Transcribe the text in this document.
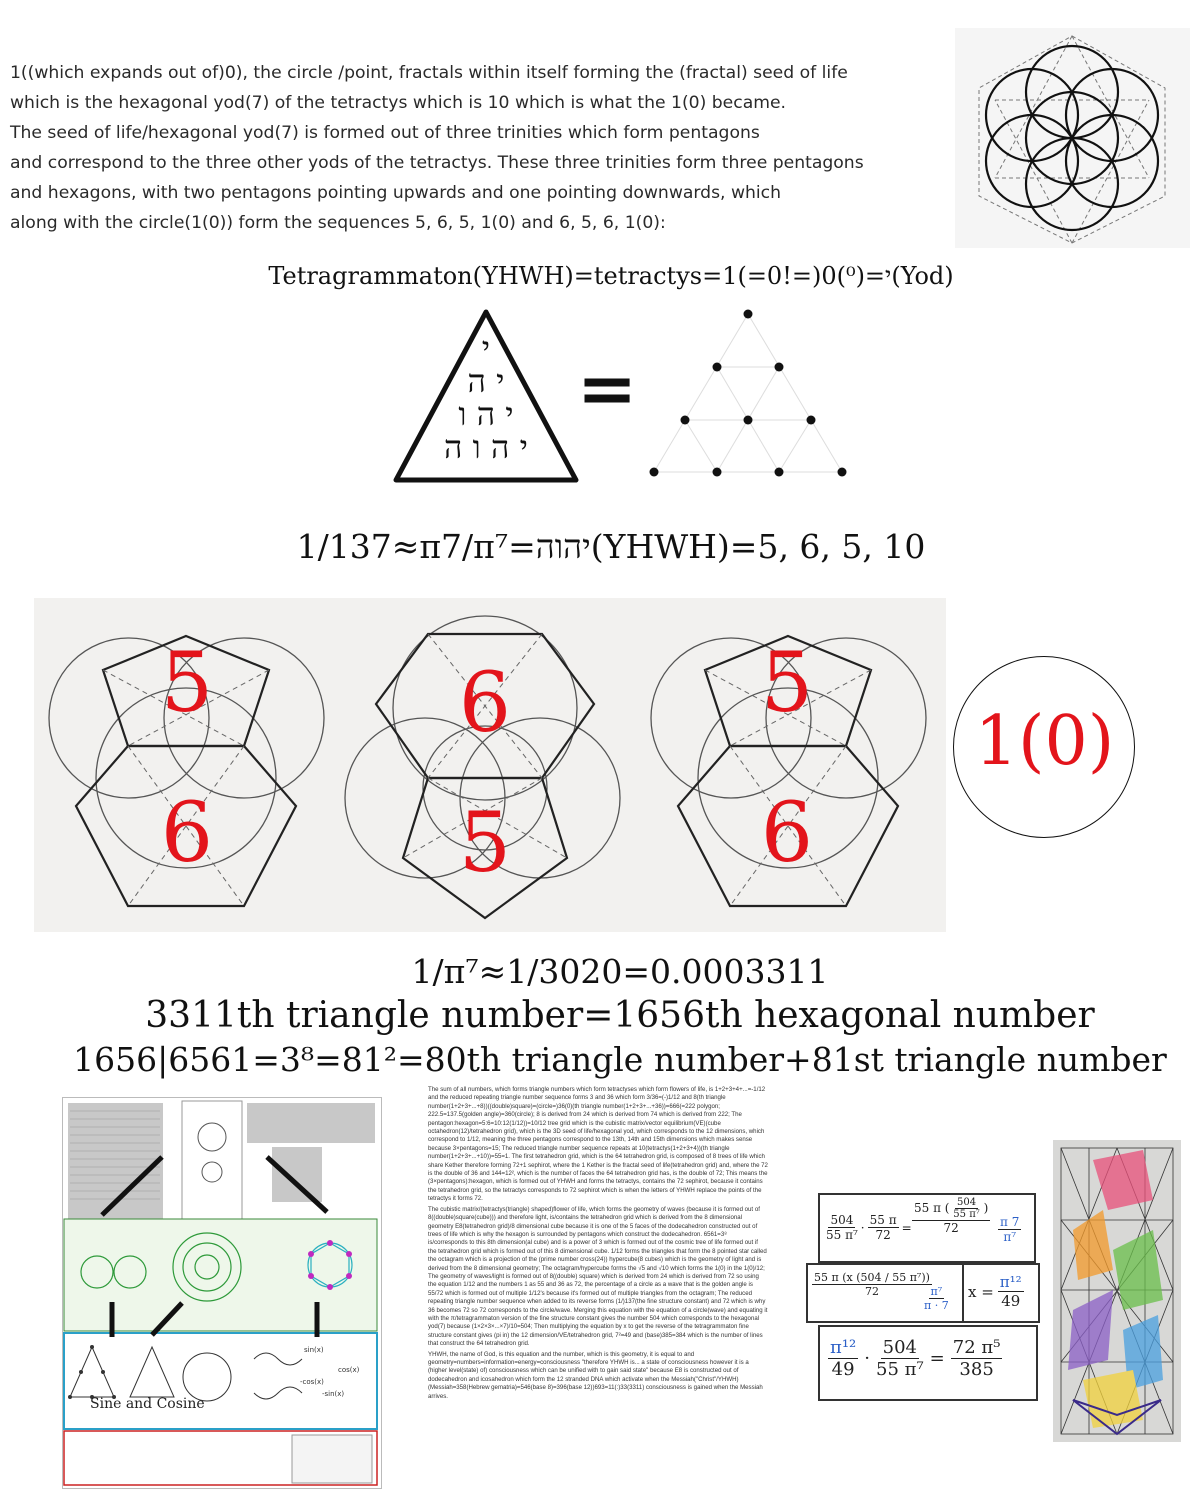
1((which expands out of)0), the circle /point, fractals within itself forming the (fractal) seed of life
which is the hexagonal yod(7) of the tetractys which is 10 which is what the 1(0) became.
The seed of life/hexagonal yod(7) is formed out of three trinities which form pentagons
and correspond to the three other yods of the tetractys. These three trinities form three pentagons
and hexagons, with two pentagons pointing upwards and one pointing downwards, which
along with the circle(1(0)) form the sequences 5, 6, 5, 1(0) and 6, 5, 6, 1(0):
Tetragrammaton(YHWH)=tetractys=1(=0!=)0(⁰)=י(Yod)
י
י ה
י ה ו
י ה ו ה
=
1/137≈π7/π⁷=יהוה(YHWH)=5, 6, 5, 10
5
6
6
5
5
6
1(0)
1/π⁷≈1/3020=0.0003311
3311th triangle number=1656th hexagonal number
1656|6561=3⁸=81²=80th triangle number+81st triangle number
Sine and Cosine
sin(x)
cos(x)
-cos(x)
-sin(x)

The sum of all numbers, which forms triangle numbers which form tetractyses which form flowers of life, is 1+2+3+4+...=-1/12 and the reduced repeating triangle number sequence forms 3 and 36 which form 3/36=(-)1/12 and 8(th triangle number(1+2+3+...+8))((double)square)=(circle=)36(0)(th triangle number(1+2+3+...+36))=666(=222 polygon; 222.5=137.5(golden angle)=360(circle); 8 is derived from 24 which is derived from 74 which is derived from 222; The pentagon:hexagon=5:6=10:12(1/12))=10/12 tree grid which is the cubistic matrix/vector equilibrium(VE)(cube octahedron(12)/tetrahedron grid), which is the 3D seed of life/hexagonal yod, which corresponds to the 12 dimensions, which correspond to 1/12, meaning the three pentagons correspond to the 13th, 14th and 15th dimensions which makes sense because 3×pentagons=15; The reduced triangle number sequence repeats at 10(tetractys(1+2+3+4))(th triangle number(1+2+3+...+10))=55=1. The first tetrahedron grid, which is the 64 tetrahedron grid, is composed of 8 trees of life which share Kether therefore forming 72+1 sephirot, where the 1 Kether is the fractal seed of life(tetrahedron grid) and, where the 72 is the double of 36 and 144=12², which is the number of faces the 64 tetrahedron grid has, is the double of 72; This means the (3×pentagons):hexagon, which is formed out of YHWH and forms the tetractys, contains the 72 sephirot, because it contains the tetrahedron grid, so the tetractys corresponds to 72 sephirot which is when the letters of YHWH replace the points of the tetractys it forms 72.

The cubistic matrix/(tetractys(triangle) shaped)flower of life, which forms the geometry of waves (because it is formed out of 8((double)square(cube))) and therefore light, is/contains the tetrahedron grid which is derived from the 8 dimensional geometry E8(tetrahedron grid)/8 dimensional cube because it is one of the 5 faces of the dodecahedron constructed out of trees of life which is why the hexagon is surrounded by pentagons which construct the dodecahedron. 6561=3⁸ is/corresponds to this 8th dimension(al cube) and is a power of 3 which is formed out of the cosmic tree of life formed out if the tetrahedron grid which is formed out of this 8 dimensional cube. 1/12 forms the triangles that form the 8 pointed star called the octagram which is a projection of the (prime number cross(24)) hypercube(8 cubes) which is the geometry of light and is derived from the 8 dimensional geometry; The octagram/hypercube forms the √5 and √10 which forms the 1(0) in the 1(0)/12; The geometry of waves/light is formed out of 8((double) square) which is derived from 24 which is derived from 72 so using the equation 1/12 and the numbers 1 as 55 and 36 as 72, the percentage of a circle as a wave that is the golden angle is 55/72 which is formed out of multiple 1/12's because it's formed out of multiple triangles from the octagram; The reduced repeating triangle number sequence when added to its reverse forms (1/)137(the fine structure constant) and 72 which is why 36 becomes 72 so 72 corresponds to the circle/wave. Merging this equation with the equation of a circle(wave) and equating it with the π/tetragrammaton version of the fine structure constant gives the number 504 which corresponds to the hexagonal yod(7) because (1×2×3×...×7)/10=504; Then multiplying the equation by x to get the reverse of the tetragrammaton fine structure constant gives (pi in) the 12 dimension/VE/tetrahedron grid, 7²=49 and (base)385=384 which is the number of lines that construct the 64 tetrahedron grid.

YHWH, the name of God, is this equation and the number, which is this geometry, it is equal to and geometry=numbers=information=energy=consciousness "therefore YHWH is... a state of consciousness however it is a (higher level(state) of) consciousness which can be unified with to gain said state" because E8 is constructed out of dodecahedron and icosahedron which form the 12 stranded DNA which activate when the Messiah("Christ"/YHWH)(Messiah=358(Hebrew gematria)=546(base 8)=396(base 12))693=11(:)33(3311) consciousness is gained when the Messiah arrives.

$\frac{504}{\text{55 π⁷}} \cdot \frac{55 \pi}{72} = \frac{55 \pi ( \frac{504}{\text{55 π⁷}} )}{72} \frac{\pi 7}{\text{π⁷}}$
$\frac{\text{55 π (x (504 / 55 π⁷))}}{72}$
$\frac{\text{π⁷}}{\pi \cdot 7}$ $x = \frac{\text{π¹²}}{49}$
$\frac{\text{π¹²}}{49} \cdot \frac{504}{\text{55 π⁷}} = \frac{\text{72 π⁵}}{385}$
